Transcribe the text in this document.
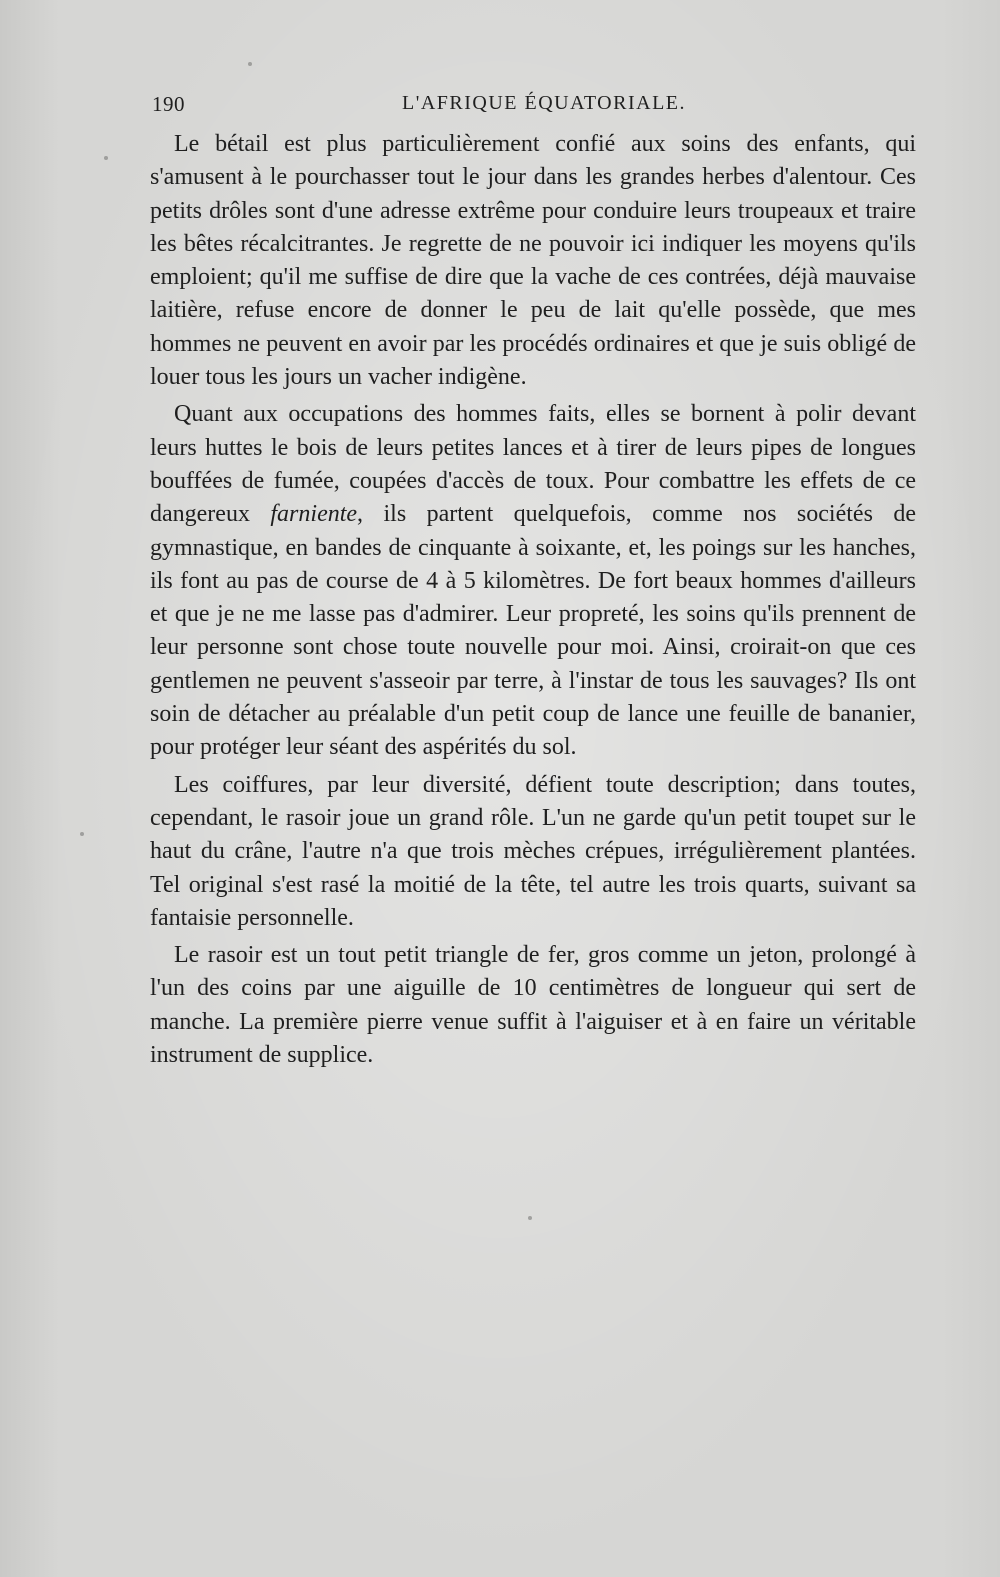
190	L'AFRIQUE ÉQUATORIALE.

Le bétail est plus particulièrement confié aux soins des enfants, qui s'amusent à le pourchasser tout le jour dans les grandes herbes d'alentour. Ces petits drôles sont d'une adresse extrême pour conduire leurs troupeaux et traire les bêtes récalcitrantes. Je regrette de ne pouvoir ici indiquer les moyens qu'ils emploient; qu'il me suffise de dire que la vache de ces contrées, déjà mauvaise laitière, refuse encore de donner le peu de lait qu'elle possède, que mes hommes ne peuvent en avoir par les procédés ordinaires et que je suis obligé de louer tous les jours un vacher indigène.

Quant aux occupations des hommes faits, elles se bornent à polir devant leurs huttes le bois de leurs petites lances et à tirer de leurs pipes de longues bouffées de fumée, coupées d'accès de toux. Pour combattre les effets de ce dangereux farniente, ils partent quelquefois, comme nos sociétés de gymnastique, en bandes de cinquante à soixante, et, les poings sur les hanches, ils font au pas de course de 4 à 5 kilomètres. De fort beaux hommes d'ailleurs et que je ne me lasse pas d'admirer. Leur propreté, les soins qu'ils prennent de leur personne sont chose toute nouvelle pour moi. Ainsi, croirait-on que ces gentlemen ne peuvent s'asseoir par terre, à l'instar de tous les sauvages? Ils ont soin de détacher au préalable d'un petit coup de lance une feuille de bananier, pour protéger leur séant des aspérités du sol.

Les coiffures, par leur diversité, défient toute description; dans toutes, cependant, le rasoir joue un grand rôle. L'un ne garde qu'un petit toupet sur le haut du crâne, l'autre n'a que trois mèches crépues, irrégulièrement plantées. Tel original s'est rasé la moitié de la tête, tel autre les trois quarts, suivant sa fantaisie personnelle.

Le rasoir est un tout petit triangle de fer, gros comme un jeton, prolongé à l'un des coins par une aiguille de 10 centimètres de longueur qui sert de manche. La première pierre venue suffit à l'aiguiser et à en faire un véritable instrument de supplice.
